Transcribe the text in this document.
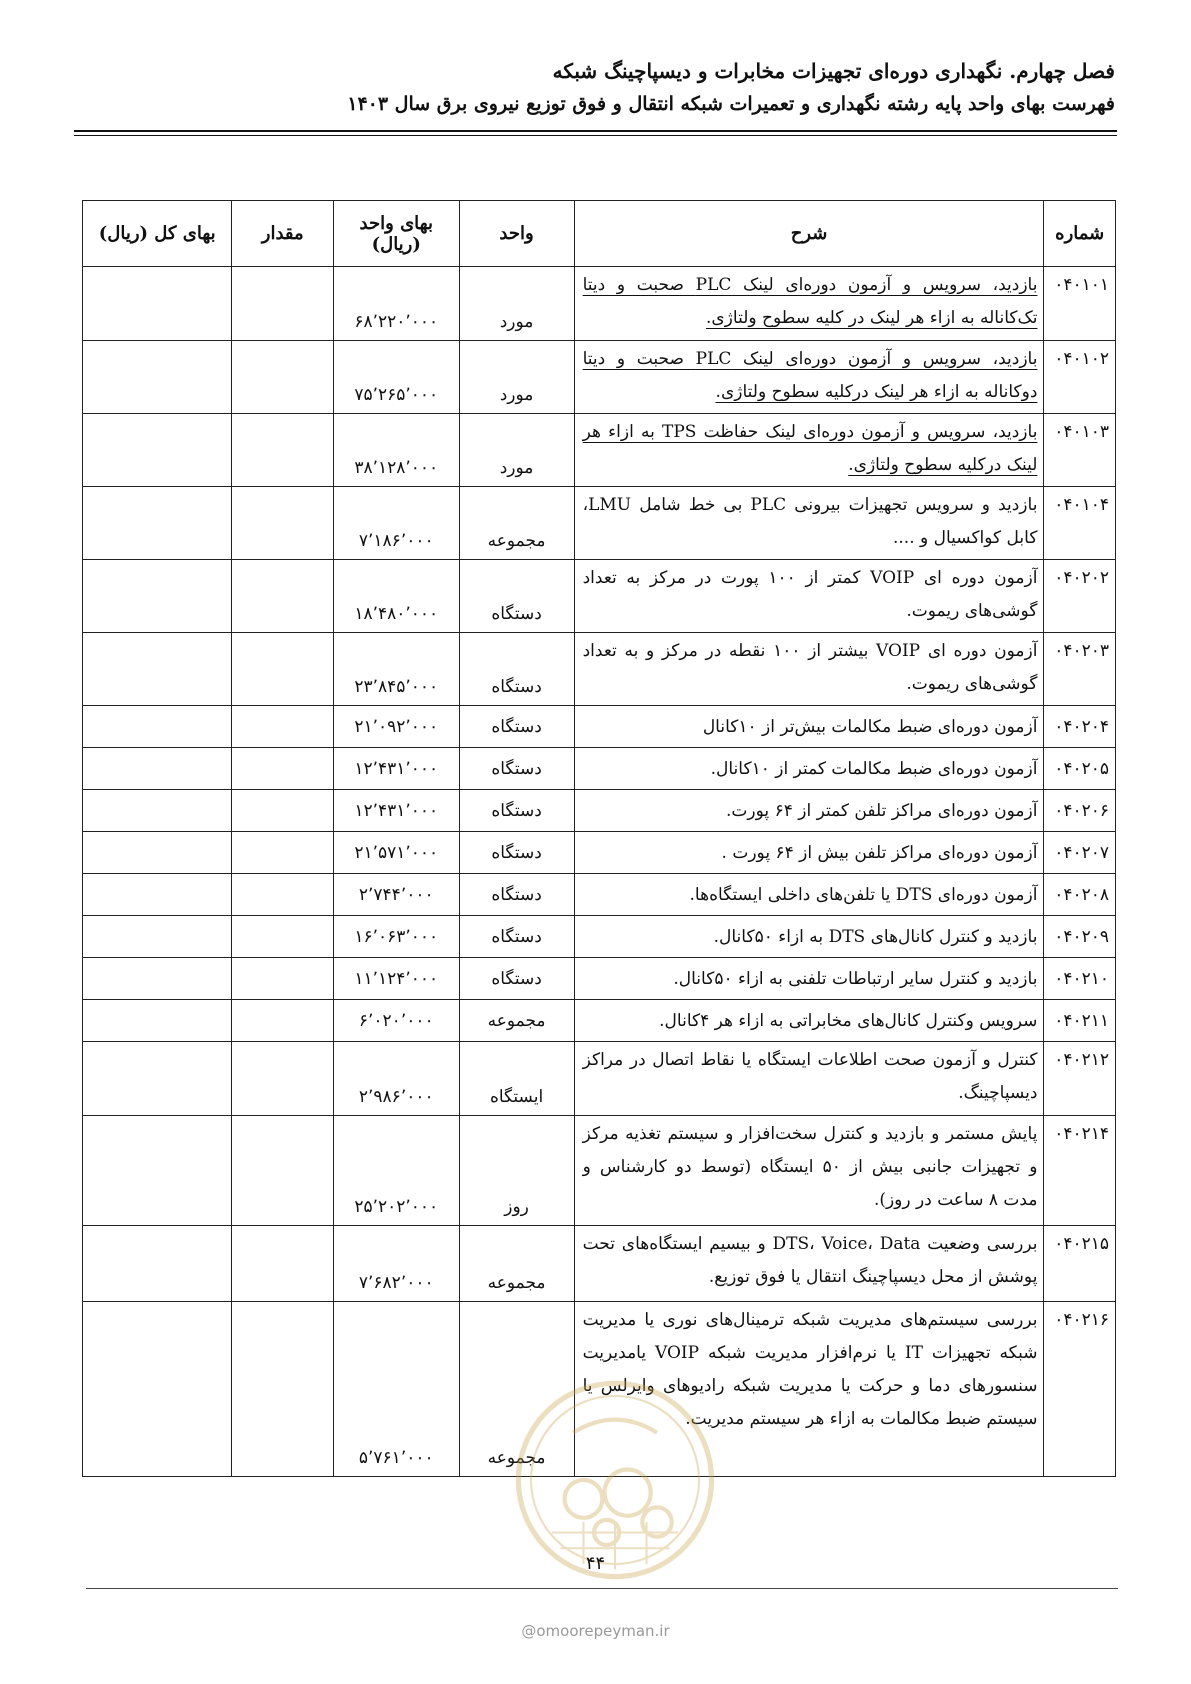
فصل چهارم. نگهداری دوره‌ای تجهیزات مخابرات و دیسپاچینگ شبکه
فهرست بهای واحد پایه رشته نگهداری و تعمیرات شبکه انتقال و فوق توزیع نیروی برق سال ۱۴۰۳
شماره	شرح	واحد	بهای واحد (ریال)	مقدار	بهای کل (ریال)
۰۴۰۱۰۱	بازدید، سرویس و آزمون دوره‌ای لینک PLC صحبت و دیتا تک‌کاناله به ازاء هر لینک در کلیه سطوح ولتاژی.	مورد	۶۸٬۲۲۰٬۰۰۰		
۰۴۰۱۰۲	بازدید، سرویس و آزمون دوره‌ای لینک PLC صحبت و دیتا دوکاناله به ازاء هر لینک درکلیه سطوح ولتاژی.	مورد	۷۵٬۲۶۵٬۰۰۰		
۰۴۰۱۰۳	بازدید، سرویس و آزمون دوره‌ای لینک حفاظت TPS به ازاء هر لینک درکلیه سطوح ولتاژی.	مورد	۳۸٬۱۲۸٬۰۰۰		
۰۴۰۱۰۴	بازدید و سرویس تجهیزات بیرونی PLC بی خط شامل LMU، کابل کواکسیال و ....	مجموعه	۷٬۱۸۶٬۰۰۰		
۰۴۰۲۰۲	آزمون دوره ای VOIP کمتر از ۱۰۰ پورت در مرکز به تعداد گوشی‌های ریموت.	دستگاه	۱۸٬۴۸۰٬۰۰۰		
۰۴۰۲۰۳	آزمون دوره ای VOIP بیشتر از ۱۰۰ نقطه در مرکز و به تعداد گوشی‌های ریموت.	دستگاه	۲۳٬۸۴۵٬۰۰۰		
۰۴۰۲۰۴	آزمون دوره‌ای ضبط مکالمات بیش‌تر از ۱۰کانال	دستگاه	۲۱٬۰۹۲٬۰۰۰		
۰۴۰۲۰۵	آزمون دوره‌ای ضبط مکالمات کمتر از ۱۰کانال.	دستگاه	۱۲٬۴۳۱٬۰۰۰		
۰۴۰۲۰۶	آزمون دوره‌ای مراکز تلفن کمتر از ۶۴ پورت.	دستگاه	۱۲٬۴۳۱٬۰۰۰		
۰۴۰۲۰۷	آزمون دوره‌ای مراکز تلفن بیش از ۶۴ پورت .	دستگاه	۲۱٬۵۷۱٬۰۰۰		
۰۴۰۲۰۸	آزمون دوره‌ای DTS یا تلفن‌های داخلی ایستگاه‌ها.	دستگاه	۲٬۷۴۴٬۰۰۰		
۰۴۰۲۰۹	بازدید و کنترل کانال‌های DTS به ازاء ۵۰کانال.	دستگاه	۱۶٬۰۶۳٬۰۰۰		
۰۴۰۲۱۰	بازدید و کنترل سایر ارتباطات تلفنی به ازاء ۵۰کانال.	دستگاه	۱۱٬۱۲۴٬۰۰۰		
۰۴۰۲۱۱	سرویس وکنترل کانال‌های مخابراتی به ازاء هر ۴کانال.	مجموعه	۶٬۰۲۰٬۰۰۰		
۰۴۰۲۱۲	کنترل و آزمون صحت اطلاعات ایستگاه یا نقاط اتصال در مراکز دیسپاچینگ.	ایستگاه	۲٬۹۸۶٬۰۰۰		
۰۴۰۲۱۴	پایش مستمر و بازدید و کنترل سخت‌افزار و سیستم تغذیه مرکز و تجهیزات جانبی بیش از ۵۰ ایستگاه (توسط دو کارشناس و مدت ۸ ساعت در روز).	روز	۲۵٬۲۰۲٬۰۰۰		
۰۴۰۲۱۵	بررسی وضعیت DTS، Voice، Data و بیسیم ایستگاه‌های تحت پوشش از محل دیسپاچینگ انتقال یا فوق توزیع.	مجموعه	۷٬۶۸۲٬۰۰۰		
۰۴۰۲۱۶	بررسی سیستم‌های مدیریت شبکه ترمینال‌های نوری یا مدیریت شبکه تجهیزات IT یا نرم‌افزار مدیریت شبکه VOIP یامدیریت سنسورهای دما و حرکت یا مدیریت شبکه رادیوهای وایرلس یا سیستم ضبط مکالمات به ازاء هر سیستم مدیریت.	مجموعه	۵٬۷۶۱٬۰۰۰		
۴۴
@omoorepeyman.ir
